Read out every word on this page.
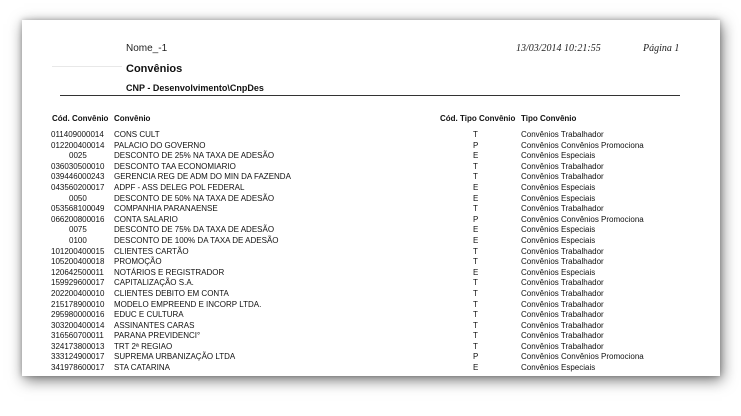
Nome_-1	13/03/2014 10:21:55	Página 1
Convênios
CNP - Desenvolvimento\CnpDes
Cód. Convênio Convênio	Cód. Tipo Convênio Tipo Convênio
011409000014 CONS CULT	T	Convênios Trabalhador
012200400014 PALACIO DO GOVERNO	P	Convênios Convênios Promociona
0025	DESCONTO DE 25% NA TAXA DE ADESÃO	E	Convênios Especiais
036030500010 DESCONTO TAA ECONOMIARIO	T	Convênios Trabalhador
039446000243 GERENCIA REG DE ADM DO MIN DA FAZENDA	T	Convênios Trabalhador
043560200017 ADPF - ASS DELEG POL FEDERAL	E	Convênios Especiais
0050	DESCONTO DE 50% NA TAXA DE ADESÃO	E	Convênios Especiais
053568100049 COMPANHIA PARANAENSE	T	Convênios Trabalhador
066200800016 CONTA SALARIO	P	Convênios Convênios Promociona
0075	DESCONTO DE 75% DA TAXA DE ADESÃO	E	Convênios Especiais
0100	DESCONTO DE 100% DA TAXA DE ADESÃO	E	Convênios Especiais
101200400015 CLIENTES CARTÃO	T	Convênios Trabalhador
105200400018 PROMOÇÃO	T	Convênios Trabalhador
120642500011 NOTÁRIOS E REGISTRADOR	E	Convênios Especiais
159929600017 CAPITALIZAÇÃO S.A.	T	Convênios Trabalhador
202200400010 CLIENTES DEBITO EM CONTA	T	Convênios Trabalhador
215178900010 MODELO EMPREEND E INCORP LTDA.	T	Convênios Trabalhador
295980000016 EDUC E CULTURA	T	Convênios Trabalhador
303200400014 ASSINANTES CARAS	T	Convênios Trabalhador
316560700011 PARANA PREVIDENCI°	T	Convênios Trabalhador
324173800013 TRT 2ª REGIAO	T	Convênios Trabalhador
333124900017 SUPREMA URBANIZAÇÃO LTDA	P	Convênios Convênios Promociona
341978600017 STA CATARINA	E	Convênios Especiais
